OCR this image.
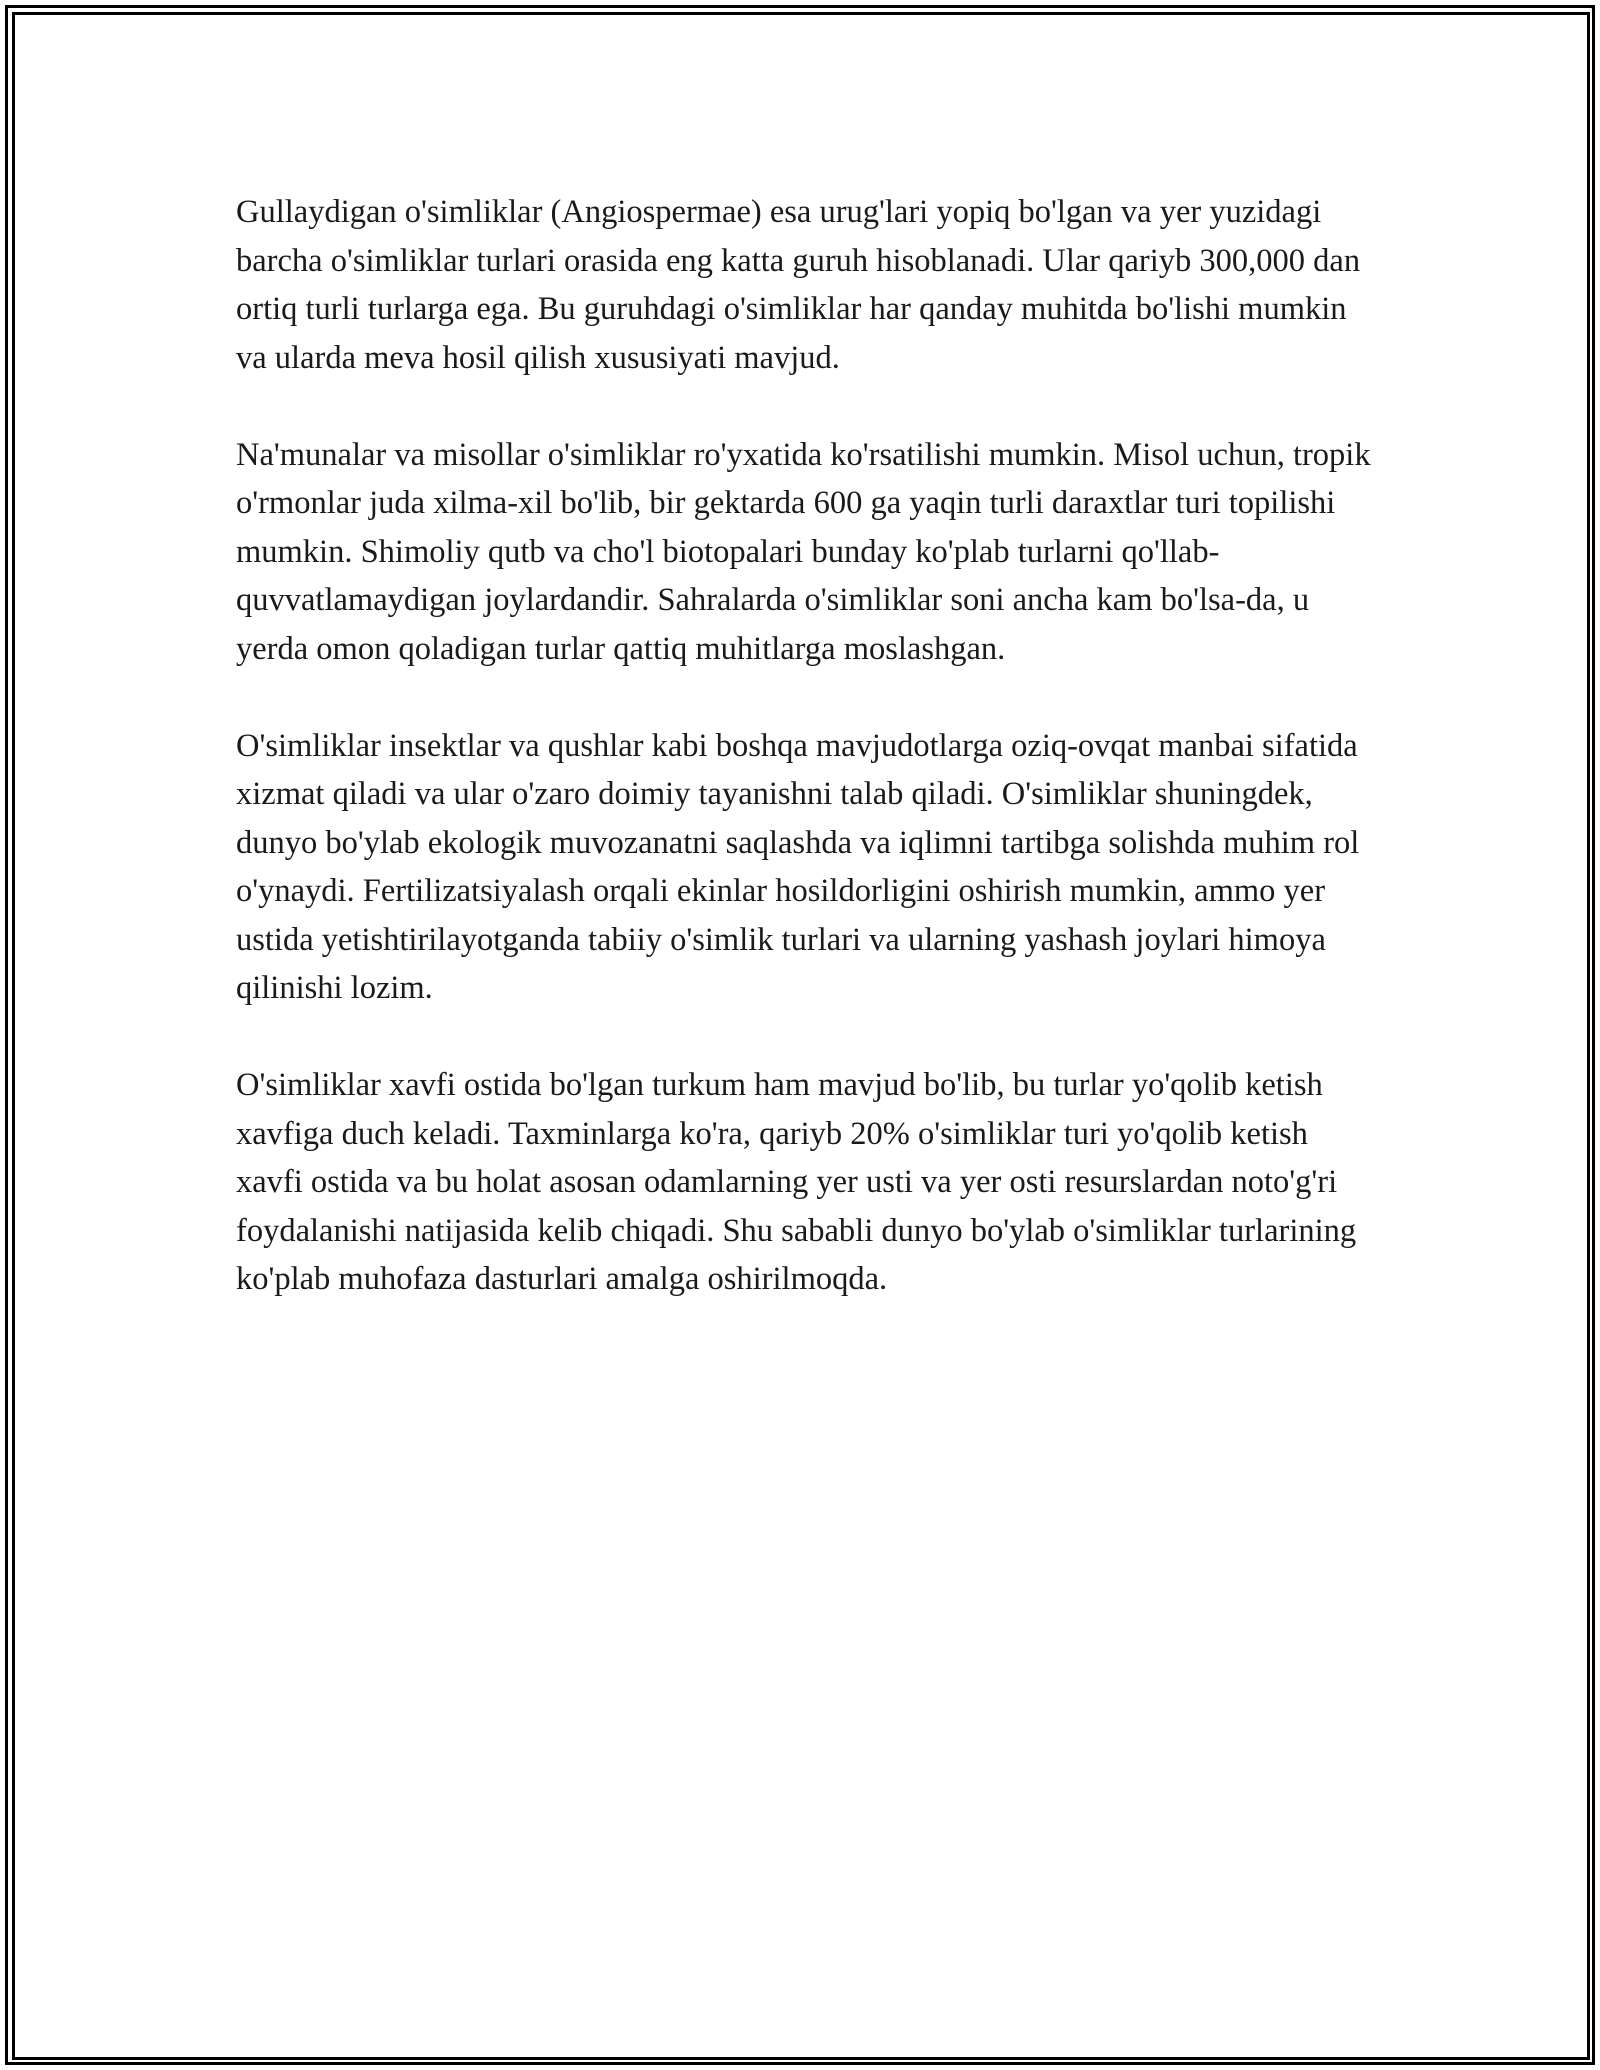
Gullaydigan o'simliklar (Angiospermae) esa urug'lari yopiq bo'lgan va yer yuzidagi barcha o'simliklar turlari orasida eng katta guruh hisoblanadi. Ular qariyb 300,000 dan ortiq turli turlarga ega. Bu guruhdagi o'simliklar har qanday muhitda bo'lishi mumkin va ularda meva hosil qilish xususiyati mavjud.

Na'munalar va misollar o'simliklar ro'yxatida ko'rsatilishi mumkin. Misol uchun, tropik o'rmonlar juda xilma-xil bo'lib, bir gektarda 600 ga yaqin turli daraxtlar turi topilishi mumkin. Shimoliy qutb va cho'l biotopalari bunday ko'plab turlarni qo'llab-quvvatlamaydigan joylardandir. Sahralarda o'simliklar soni ancha kam bo'lsa-da, u yerda omon qoladigan turlar qattiq muhitlarga moslashgan.

O'simliklar insektlar va qushlar kabi boshqa mavjudotlarga oziq-ovqat manbai sifatida xizmat qiladi va ular o'zaro doimiy tayanishni talab qiladi. O'simliklar shuningdek, dunyo bo'ylab ekologik muvozanatni saqlashda va iqlimni tartibga solishda muhim rol o'ynaydi. Fertilizatsiyalash orqali ekinlar hosildorligini oshirish mumkin, ammo yer ustida yetishtirilayotganda tabiiy o'simlik turlari va ularning yashash joylari himoya qilinishi lozim.

O'simliklar xavfi ostida bo'lgan turkum ham mavjud bo'lib, bu turlar yo'qolib ketish xavfiga duch keladi. Taxminlarga ko'ra, qariyb 20% o'simliklar turi yo'qolib ketish xavfi ostida va bu holat asosan odamlarning yer usti va yer osti resurslardan noto'g'ri foydalanishi natijasida kelib chiqadi. Shu sababli dunyo bo'ylab o'simliklar turlarining ko'plab muhofaza dasturlari amalga oshirilmoqda.
